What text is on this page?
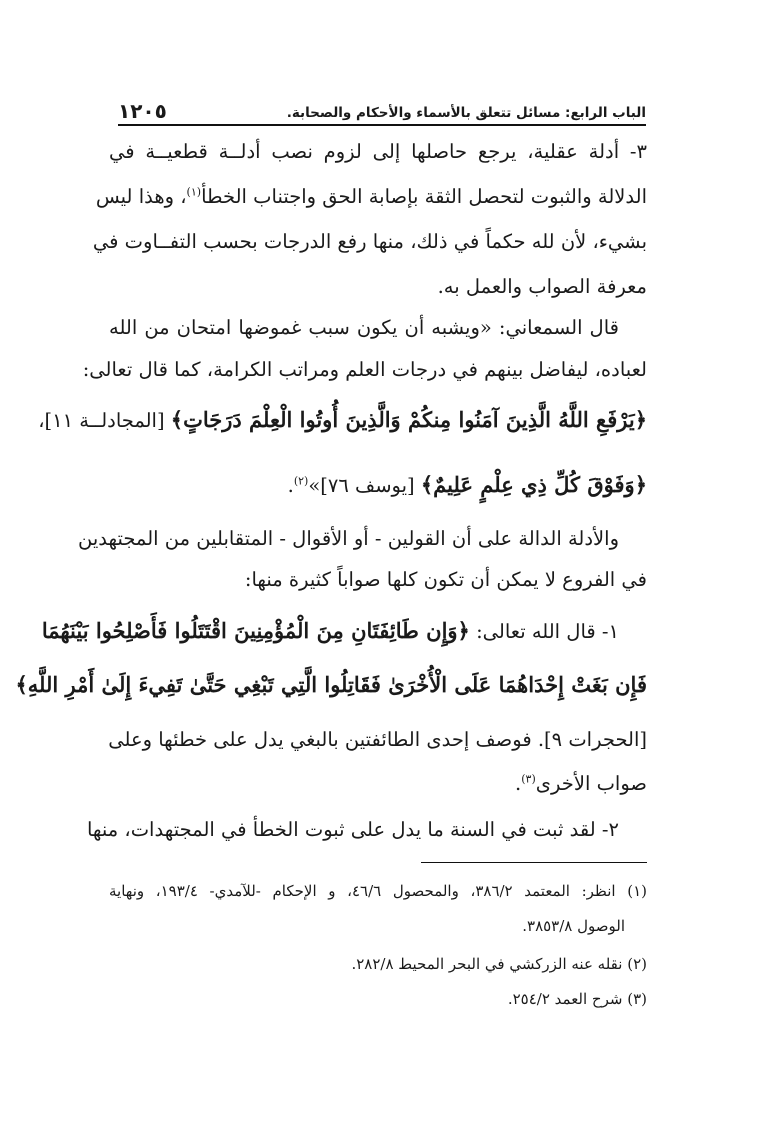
الباب الرابع: مسائل تتعلق بالأسماء والأحكام والصحابة.
١٢٠٥
٣- أدلة عقلية، يرجع حاصلها إلى لزوم نصب أدلــة قطعيــة في
الدلالة والثبوت لتحصل الثقة بإصابة الحق واجتناب الخطأ$^{(١)}$، وهذا ليس
بشيء، لأن لله حكماً في ذلك، منها رفع الدرجات بحسب التفــاوت في
معرفة الصواب والعمل به.
قال السمعاني: «ويشبه أن يكون سبب غموضها امتحان من الله
لعباده، ليفاضل بينهم في درجات العلم ومراتب الكرامة، كما قال تعالى:
﴿يَرْفَعِ اللَّهُ الَّذِينَ آمَنُوا مِنكُمْ وَالَّذِينَ أُوتُوا الْعِلْمَ دَرَجَاتٍ﴾ [المجادلــة ١١]،
﴿وَفَوْقَ كُلِّ ذِي عِلْمٍ عَلِيمٌ﴾ [يوسف ٧٦]»$^{(٢)}$.
والأدلة الدالة على أن القولين - أو الأقوال - المتقابلين من المجتهدين
في الفروع لا يمكن أن تكون كلها صواباً كثيرة منها:
١- قال الله تعالى: ﴿وَإِن طَائِفَتَانِ مِنَ الْمُؤْمِنِينَ اقْتَتَلُوا فَأَصْلِحُوا بَيْنَهُمَا
فَإِن بَغَتْ إِحْدَاهُمَا عَلَى الْأُخْرَىٰ فَقَاتِلُوا الَّتِي تَبْغِي حَتَّىٰ تَفِيءَ إِلَىٰ أَمْرِ اللَّهِ﴾
[الحجرات ٩]. فوصف إحدى الطائفتين بالبغي يدل على خطئها وعلى
صواب الأخرى$^{(٣)}$.
٢- لقد ثبت في السنة ما يدل على ثبوت الخطأ في المجتهدات، منها
(١) انظر: المعتمد ٣٨٦/٢، والمحصول ٤٦/٦، و الإحكام -للآمدي- ١٩٣/٤، ونهاية
الوصول ٣٨٥٣/٨.
(٢) نقله عنه الزركشي في البحر المحيط ٢٨٢/٨.
(٣) شرح العمد ٢٥٤/٢.
